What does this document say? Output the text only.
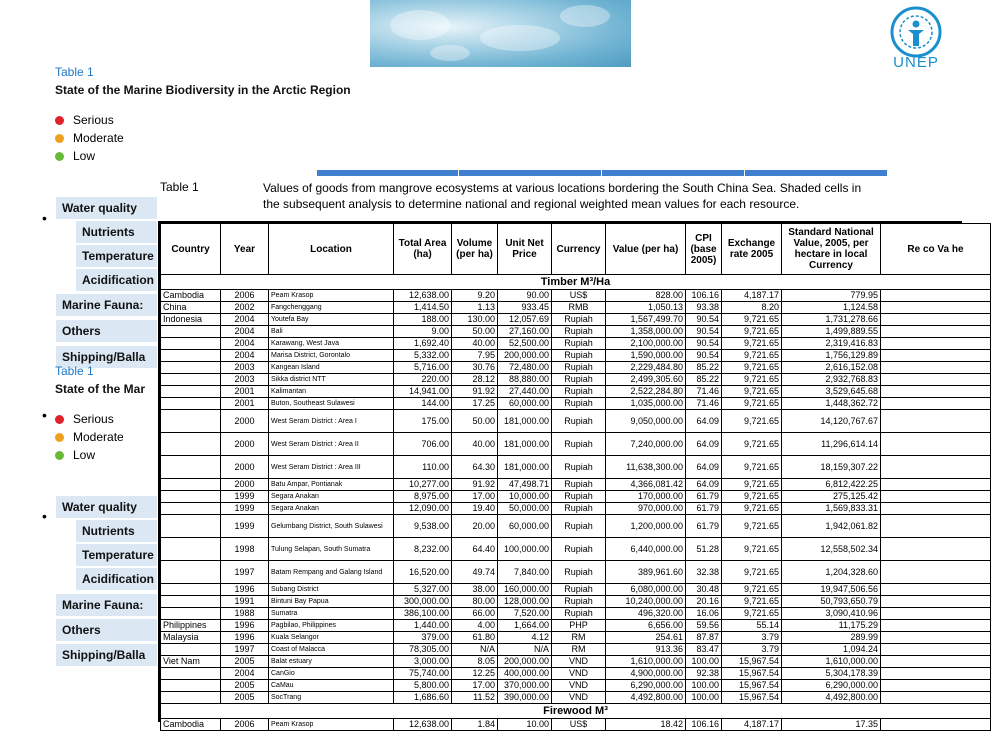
UNEP
Table 1
State of the Marine Biodiversity in the Arctic Region
Serious
Moderate
Low
Water quality
Nutrients
Temperature
Acidification
Marine Fauna:
Others
Shipping/Balla
Table 1
State of the Mar
Serious
Moderate
Low
Water quality
Nutrients
Temperature
Acidification
Marine Fauna:
Others
Shipping/Balla
•
•
•
Table 1	Values of goods from mangrove ecosystems at various locations bordering the South China Sea. Shaded cells in
the subsequent analysis to determine national and regional weighted mean values for each resource.
Country	Year	Location	Total Area (ha)	Volume (per ha)	Unit Net Price	Currency	Value (per ha)	CPI (base 2005)	Exchange rate 2005	Standard National Value, 2005, per hectare in local Currency	Re co Va he
Timber M³/Ha											
Cambodia	2006	Peam Krasop	12,638.00	9.20	90.00	US$	828.00	106.16	4,187.17	779.95	
China	2002	Fangchenggang	1,414.50	1.13	933.45	RMB	1,050.13	93.38	8.20	1,124.58	
Indonesia	2004	Youtefa Bay	188.00	130.00	12,057.69	Rupiah	1,567,499.70	90.54	9,721.65	1,731,278.66	
	2004	Bali	9.00	50.00	27,160.00	Rupiah	1,358,000.00	90.54	9,721.65	1,499,889.55	
	2004	Karawang, West Java	1,692.40	40.00	52,500.00	Rupiah	2,100,000.00	90.54	9,721.65	2,319,416.83	
	2004	Marisa District, Gorontalo	5,332.00	7.95	200,000.00	Rupiah	1,590,000.00	90.54	9,721.65	1,756,129.89	
	2003	Kangean Island	5,716.00	30.76	72,480.00	Rupiah	2,229,484.80	85.22	9,721.65	2,616,152.08	
	2003	Sikka district NTT	220.00	28.12	88,880.00	Rupiah	2,499,305.60	85.22	9,721.65	2,932,768.83	
	2001	Kalimantan	14,941.00	91.92	27,440.00	Rupiah	2,522,284.80	71.46	9,721.65	3,529,645.68	
	2001	Buton, Southeast Sulawesi	144.00	17.25	60,000.00	Rupiah	1,035,000.00	71.46	9,721.65	1,448,362.72	
	2000	West Seram District : Area I	175.00	50.00	181,000.00	Rupiah	9,050,000.00	64.09	9,721.65	14,120,767.67	
	2000	West Seram District : Area II	706.00	40.00	181,000.00	Rupiah	7,240,000.00	64.09	9,721.65	11,296,614.14	
	2000	West Seram District : Area III	110.00	64.30	181,000.00	Rupiah	11,638,300.00	64.09	9,721.65	18,159,307.22	
	2000	Batu Ampar, Pontianak	10,277.00	91.92	47,498.71	Rupiah	4,366,081.42	64.09	9,721.65	6,812,422.25	
	1999	Segara Anakan	8,975.00	17.00	10,000.00	Rupiah	170,000.00	61.79	9,721.65	275,125.42	
	1999	Segara Anakan	12,090.00	19.40	50,000.00	Rupiah	970,000.00	61.79	9,721.65	1,569,833.31	
	1999	Gelumbang District, South Sulawesi	9,538.00	20.00	60,000.00	Rupiah	1,200,000.00	61.79	9,721.65	1,942,061.82	
	1998	Tulung Selapan, South Sumatra	8,232.00	64.40	100,000.00	Rupiah	6,440,000.00	51.28	9,721.65	12,558,502.34	
	1997	Batam Rempang and Galang Island	16,520.00	49.74	7,840.00	Rupiah	389,961.60	32.38	9,721.65	1,204,328.60	
	1996	Subang District	5,327.00	38.00	160,000.00	Rupiah	6,080,000.00	30.48	9,721.65	19,947,506.56	
	1991	Bintuni Bay Papua	300,000.00	80.00	128,000.00	Rupiah	10,240,000.00	20.16	9,721.65	50,793,650.79	
	1988	Sumatra	386,100.00	66.00	7,520.00	Rupiah	496,320.00	16.06	9,721.65	3,090,410.96	
Philippines	1996	Pagbilao, Philippines	1,440.00	4.00	1,664.00	PHP	6,656.00	59.56	55.14	11,175.29	
Malaysia	1996	Kuala Selangor	379.00	61.80	4.12	RM	254.61	87.87	3.79	289.99	
	1997	Coast of Malacca	78,305.00	N/A	N/A	RM	913.36	83.47	3.79	1,094.24	
Viet Nam	2005	Balat estuary	3,000.00	8.05	200,000.00	VND	1,610,000.00	100.00	15,967.54	1,610,000.00	
	2004	CanGio	75,740.00	12.25	400,000.00	VND	4,900,000.00	92.38	15,967.54	5,304,178.39	
	2005	CaMau	5,800.00	17.00	370,000.00	VND	6,290,000.00	100.00	15,967.54	6,290,000.00	
	2005	SocTrang	1,686.60	11.52	390,000.00	VND	4,492,800.00	100.00	15,967.54	4,492,800.00	
Firewood M³											
Cambodia	2006	Peam Krasop	12,638.00	1.84	10.00	US$	18.42	106.16	4,187.17	17.35	
